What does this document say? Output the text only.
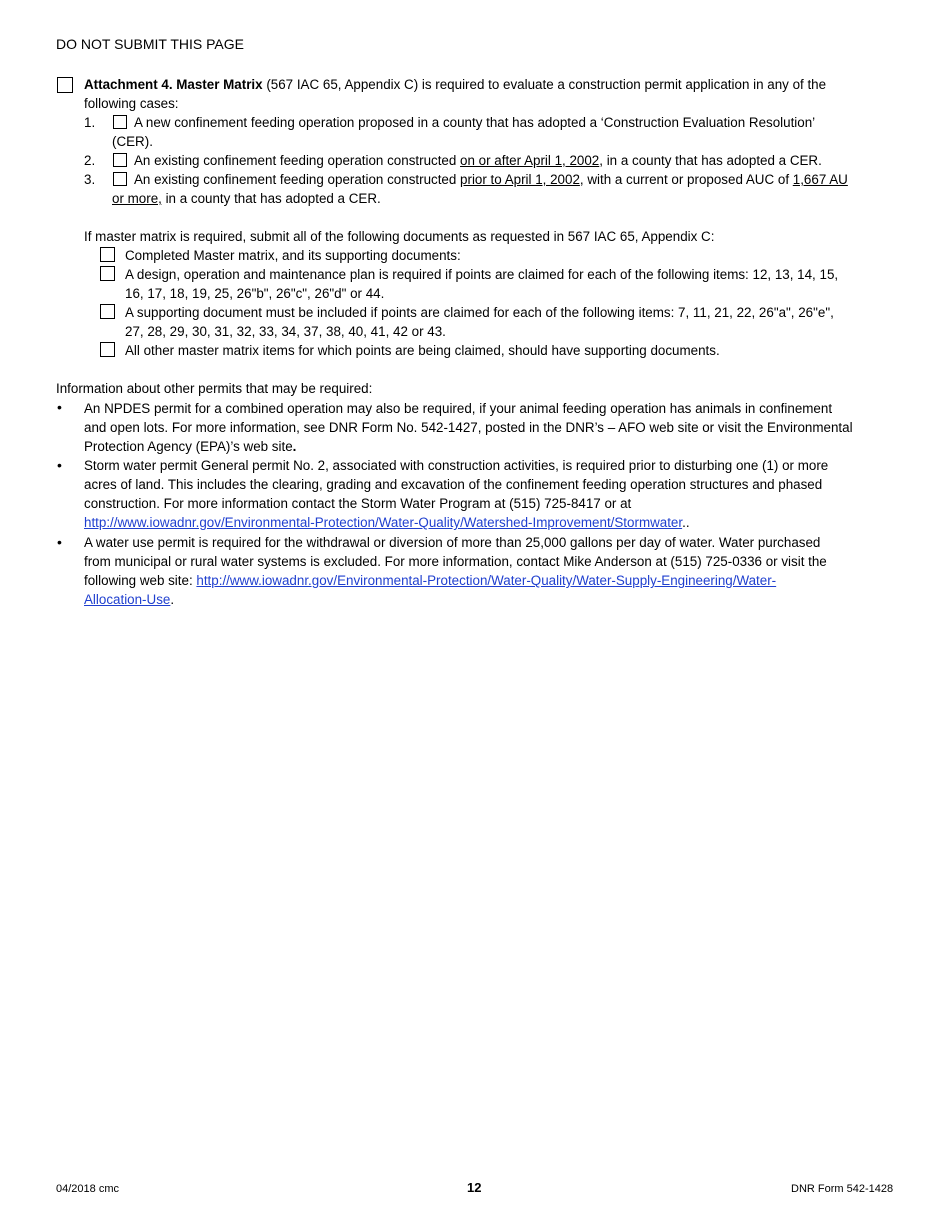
DO NOT SUBMIT THIS PAGE
Attachment 4. Master Matrix (567 IAC 65, Appendix C) is required to evaluate a construction permit application in any of the
following cases:
1.	A new confinement feeding operation proposed in a county that has adopted a ‘Construction Evaluation Resolution’
(CER).
2.	An existing confinement feeding operation constructed on or after April 1, 2002, in a county that has adopted a CER.
3.	An existing confinement feeding operation constructed prior to April 1, 2002, with a current or proposed AUC of 1,667 AU
or more, in a county that has adopted a CER.
If master matrix is required, submit all of the following documents as requested in 567 IAC 65, Appendix C:
Completed Master matrix, and its supporting documents:
A design, operation and maintenance plan is required if points are claimed for each of the following items: 12, 13, 14, 15,
16, 17, 18, 19, 25, 26"b", 26"c", 26"d" or 44.
A supporting document must be included if points are claimed for each of the following items: 7, 11, 21, 22, 26"a", 26"e",
27, 28, 29, 30, 31, 32, 33, 34, 37, 38, 40, 41, 42 or 43.
All other master matrix items for which points are being claimed, should have supporting documents.
Information about other permits that may be required:
• An NPDES permit for a combined operation may also be required, if your animal feeding operation has animals in confinement
and open lots. For more information, see DNR Form No. 542-1427, posted in the DNR’s – AFO web site or visit the Environmental
Protection Agency (EPA)’s web site.
• Storm water permit General permit No. 2, associated with construction activities, is required prior to disturbing one (1) or more
acres of land. This includes the clearing, grading and excavation of the confinement feeding operation structures and phased
construction. For more information contact the Storm Water Program at (515) 725-8417 or at
http://www.iowadnr.gov/Environmental-Protection/Water-Quality/Watershed-Improvement/Stormwater..
• A water use permit is required for the withdrawal or diversion of more than 25,000 gallons per day of water. Water purchased
from municipal or rural water systems is excluded. For more information, contact Mike Anderson at (515) 725-0336 or visit the
following web site: http://www.iowadnr.gov/Environmental-Protection/Water-Quality/Water-Supply-Engineering/Water-
Allocation-Use.
04/2018 cmc	12	DNR Form 542-1428
